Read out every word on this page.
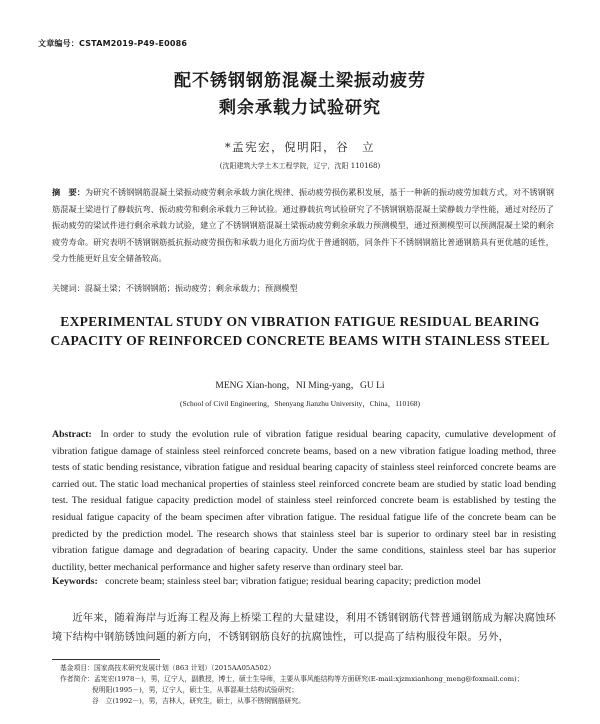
文章编号：CSTAM2019-P49-E0086
配不锈钢钢筋混凝土梁振动疲劳
剩余承载力试验研究
*孟宪宏，倪明阳，谷　立
(沈阳建筑大学土木工程学院，辽宁，沈阳 110168)
摘　要：为研究不锈钢钢筋混凝土梁振动疲劳剩余承载力演化规律、振动疲劳损伤累积发展，基于一种新的振动疲劳加载方式，对不锈钢钢筋混凝土梁进行了静载抗弯、振动疲劳和剩余承载力三种试验。通过静载抗弯试验研究了不锈钢钢筋混凝土梁静载力学性能，通过对经历了振动疲劳的梁试件进行剩余承载力试验，建立了不锈钢钢筋混凝土梁振动疲劳剩余承载力预测模型，通过预测模型可以预测混凝土梁的剩余疲劳寿命。研究表明不锈钢钢筋抵抗振动疲劳损伤和承载力退化方面均优于普通钢筋，同条件下不锈钢钢筋比普通钢筋具有更优越的延性，受力性能更好且安全储备较高。
关键词：混凝土梁；不锈钢钢筋；振动疲劳；剩余承载力；预测模型
EXPERIMENTAL STUDY ON VIBRATION FATIGUE RESIDUAL BEARING CAPACITY OF REINFORCED CONCRETE BEAMS WITH STAINLESS STEEL
MENG Xian-hong，NI Ming-yang，GU Li
(School of Civil Engineering，Shenyang Jianzhu University，China，110168)
Abstract: In order to study the evolution rule of vibration fatigue residual bearing capacity, cumulative development of vibration fatigue damage of stainless steel reinforced concrete beams, based on a new vibration fatigue loading method, three tests of static bending resistance, vibration fatigue and residual bearing capacity of stainless steel reinforced concrete beams are carried out. The static load mechanical properties of stainless steel reinforced concrete beam are studied by static load bending test. The residual fatigue capacity prediction model of stainless steel reinforced concrete beam is established by testing the residual fatigue capacity of the beam specimen after vibration fatigue. The residual fatigue life of the concrete beam can be predicted by the prediction model. The research shows that stainless steel bar is superior to ordinary steel bar in resisting vibration fatigue damage and degradation of bearing capacity. Under the same conditions, stainless steel bar has superior ductility, better mechanical performance and higher safety reserve than ordinary steel bar.
Keywords: concrete beam; stainless steel bar; vibration fatigue; residual bearing capacity; prediction model
近年来，随着海岸与近海工程及海上桥梁工程的大量建设，利用不锈钢钢筋代替普通钢筋成为解决腐蚀环境下结构中钢筋锈蚀问题的新方向，不锈钢钢筋良好的抗腐蚀性，可以提高了结构服役年限。另外，
基金项目：国家高技术研究发展计划（863 计划）（2015AA05A502）
作者简介：孟宪宏(1978－)，男，辽宁人，副教授，博士，硕士生导师，主要从事风能结构等方面研究(E-mail:xjzmxianhong_meng@foxmail.com)；
倪明阳(1995－)，男，辽宁人，硕士生，从事混凝土结构试验研究；
谷　立(1992－)，男，吉林人，研究生，硕士，从事不锈钢钢筋研究。
